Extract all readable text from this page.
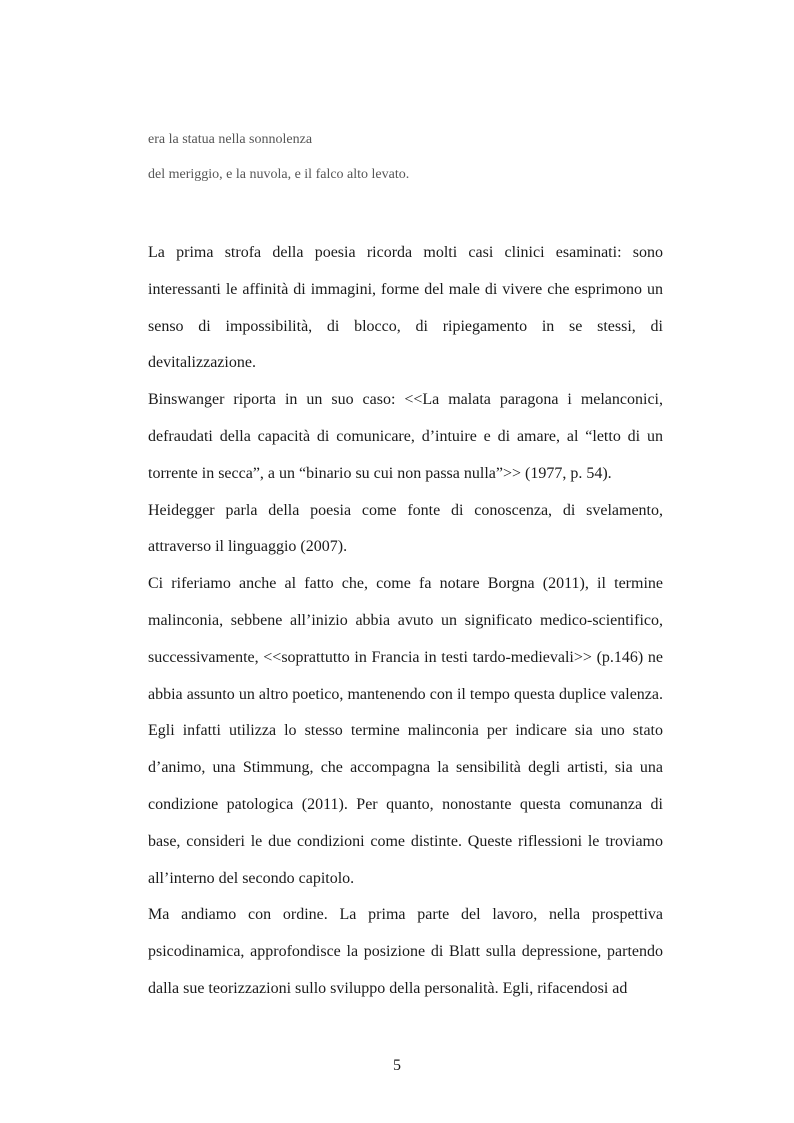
era la statua nella sonnolenza
del meriggio, e la nuvola, e il falco alto levato.

La prima strofa della poesia ricorda molti casi clinici esaminati: sono interessanti le affinità di immagini, forme del male di vivere che esprimono un senso di impossibilità, di blocco, di ripiegamento in se stessi, di devitalizzazione.

Binswanger riporta in un suo caso: <<La malata paragona i melanconici, defraudati della capacità di comunicare, d’intuire e di amare, al “letto di un torrente in secca”, a un “binario su cui non passa nulla”>> (1977, p. 54).

Heidegger parla della poesia come fonte di conoscenza, di svelamento, attraverso il linguaggio (2007).

Ci riferiamo anche al fatto che, come fa notare Borgna (2011), il termine malinconia, sebbene all’inizio abbia avuto un significato medico-scientifico, successivamente, <<soprattutto in Francia in testi tardo-medievali>> (p.146) ne abbia assunto un altro poetico, mantenendo con il tempo questa duplice valenza. Egli infatti utilizza lo stesso termine malinconia per indicare sia uno stato d’animo, una Stimmung, che accompagna la sensibilità degli artisti, sia una condizione patologica (2011). Per quanto, nonostante questa comunanza di base, consideri le due condizioni come distinte. Queste riflessioni le troviamo all’interno del secondo capitolo.

Ma andiamo con ordine. La prima parte del lavoro, nella prospettiva psicodinamica, approfondisce la posizione di Blatt sulla depressione, partendo dalla sue teorizzazioni sullo sviluppo della personalità. Egli, rifacendosi ad

5
